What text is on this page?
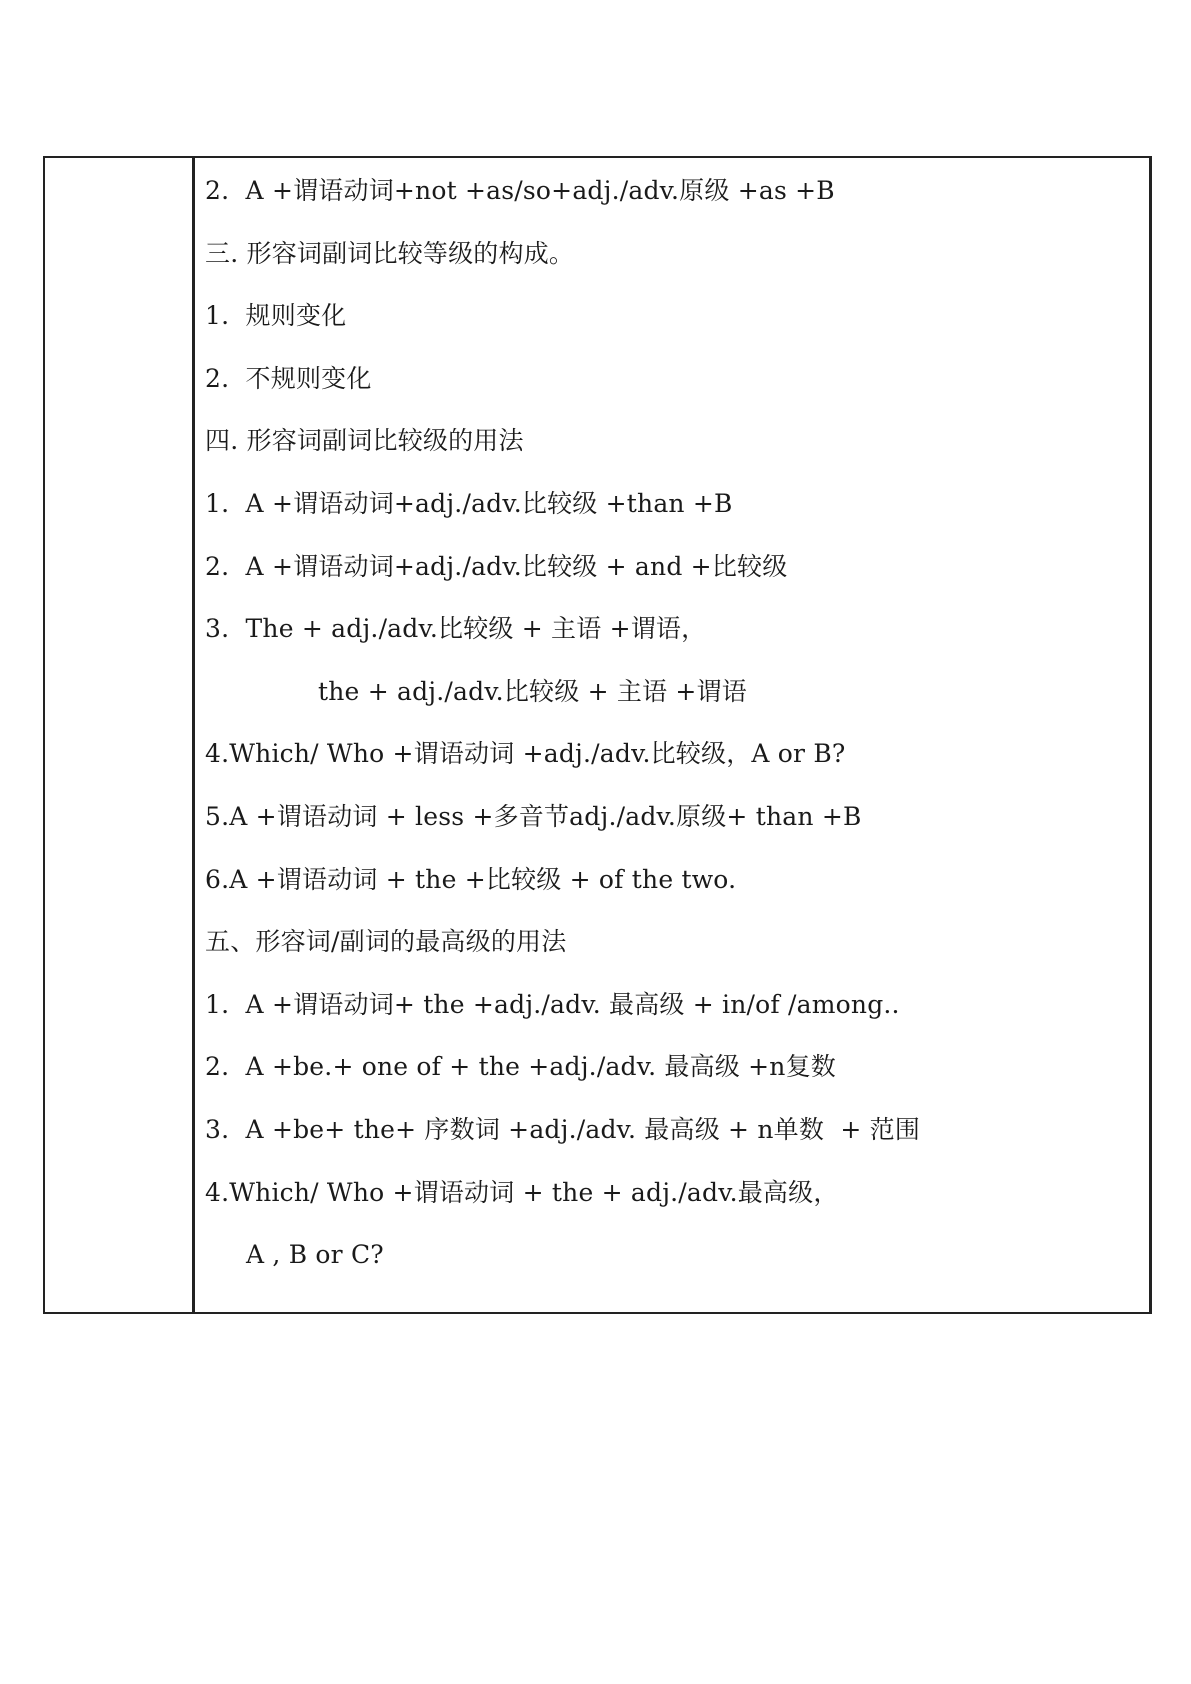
2.  A +谓语动词+not +as/so+adj./adv.原级 +as +B
三. 形容词副词比较等级的构成。
1.  规则变化
2.  不规则变化
四. 形容词副词比较级的用法
1.  A +谓语动词+adj./adv.比较级 +than +B
2.  A +谓语动词+adj./adv.比较级 + and +比较级
3.  The + adj./adv.比较级 + 主语 +谓语，
the + adj./adv.比较级 + 主语 +谓语
4.Which/ Who +谓语动词 +adj./adv.比较级，A or B?
5.A +谓语动词 + less +多音节adj./adv.原级+ than +B
6.A +谓语动词 + the +比较级 + of the two.
五、形容词/副词的最高级的用法
1.  A +谓语动词+ the +adj./adv. 最高级 + in/of /among..
2.  A +be.+ one of + the +adj./adv. 最高级 +n复数
3.  A +be+ the+ 序数词 +adj./adv. 最高级 + n单数  + 范围
4.Which/ Who +谓语动词 + the + adj./adv.最高级，
A , B or C?
